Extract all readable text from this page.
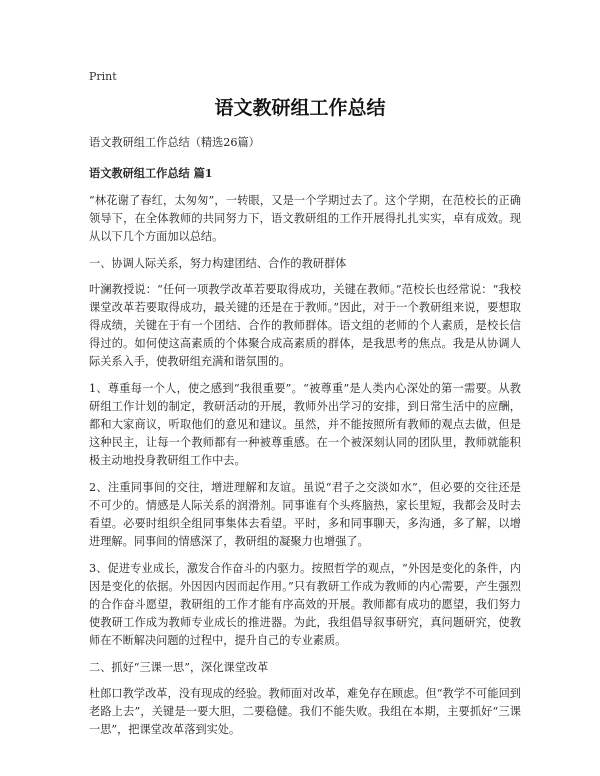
Print
语文教研组工作总结

语文教研组工作总结（精选26篇）

语文教研组工作总结 篇1

“林花谢了春红，太匆匆”，一转眼，又是一个学期过去了。这个学期，在范校长的正确领导下，在全体教师的共同努力下，语文教研组的工作开展得扎扎实实，卓有成效。现从以下几个方面加以总结。

一、协调人际关系，努力构建团结、合作的教研群体

叶澜教授说：“任何一项教学改革若要取得成功，关键在教师。”范校长也经常说：“我校课堂改革若要取得成功，最关键的还是在于教师。”因此，对于一个教研组来说，要想取得成绩，关键在于有一个团结、合作的教师群体。语文组的老师的个人素质，是校长信得过的。如何使这高素质的个体聚合成高素质的群体，是我思考的焦点。我是从协调人际关系入手，使教研组充满和谐氛围的。

1、尊重每一个人，使之感到“我很重要”。“被尊重”是人类内心深处的第一需要。从教研组工作计划的制定，教研活动的开展，教师外出学习的安排，到日常生活中的应酬，都和大家商议，听取他们的意见和建议。虽然，并不能按照所有教师的观点去做，但是这种民主，让每一个教师都有一种被尊重感。在一个被深刻认同的团队里，教师就能积极主动地投身教研组工作中去。

2、注重同事间的交往，增进理解和友谊。虽说“君子之交淡如水”，但必要的交往还是不可少的。情感是人际关系的润滑剂。同事谁有个头疼脑热，家长里短，我都会及时去看望。必要时组织全组同事集体去看望。平时，多和同事聊天，多沟通，多了解，以增进理解。同事间的情感深了，教研组的凝聚力也增强了。

3、促进专业成长，激发合作奋斗的内驱力。按照哲学的观点，“外因是变化的条件，内因是变化的依据。外因因内因而起作用。”只有教研工作成为教师的内心需要，产生强烈的合作奋斗愿望，教研组的工作才能有序高效的开展。教师都有成功的愿望，我们努力使教研工作成为教师专业成长的推进器。为此，我组倡导叙事研究，真问题研究，使教师在不断解决问题的过程中，提升自己的专业素质。

二、抓好“三课一思”，深化课堂改革

杜郎口教学改革，没有现成的经验。教师面对改革，难免存在顾虑。但“教学不可能回到老路上去”，关键是一要大胆，二要稳健。我们不能失败。我组在本期，主要抓好“三课一思”，把课堂改革落到实处。
